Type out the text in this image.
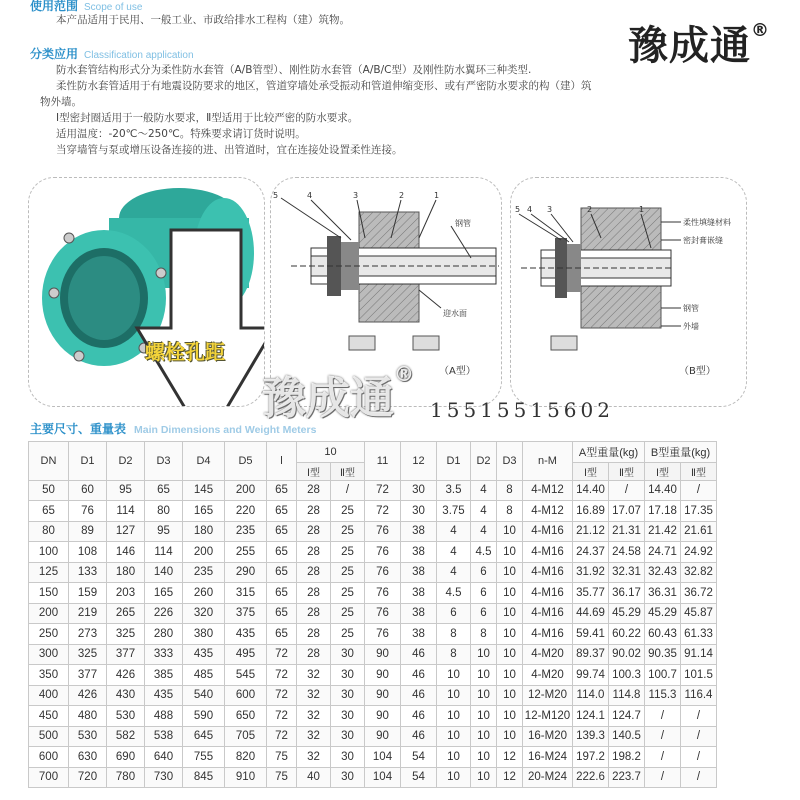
使用范围 Scope of use
本产品适用于民用、一般工业、市政给排水工程构（建）筑物。
豫成通®
分类应用 Classification application
防水套管结构形式分为柔性防水套管（A/B管型）、刚性防水套管（A/B/C型）及刚性防水翼环三种类型.
柔性防水套管适用于有地震设防要求的地区，管道穿墙处承受振动和管道伸缩变形、或有严密防水要求的构（建）筑
物外墙。
Ⅰ型密封圈适用于一般防水要求，Ⅱ型适用于比较严密的防水要求。
适用温度：-20℃～250℃。特殊要求请订货时说明。
当穿墙管与泵或增压设备连接的进、出管道时，宜在连接处设置柔性连接。
螺栓孔距
5	4	3	2	1
钢管
迎水面
（A型）
5 4 3	2	1
柔性填缝材料
密封膏嵌缝
钢管
外墙
（B型）
豫成通®
15515515602
主要尺寸、重量表 Main Dimensions and Weight Meters
DN	D1	D2	D3	D4	D5	l	10		11	12	D1	D2	D3	n-M	A型重量(kg)		B型重量(kg)	
							Ⅰ型	Ⅱ型							Ⅰ型	Ⅱ型	Ⅰ型	Ⅱ型
50	60	95	65	145	200	65	28	/	72	30	3.5	4	8	4-M12	14.40	/	14.40	/
65	76	114	80	165	220	65	28	25	72	30	3.75	4	8	4-M12	16.89	17.07	17.18	17.35
80	89	127	95	180	235	65	28	25	76	38	4	4	10	4-M16	21.12	21.31	21.42	21.61
100	108	146	114	200	255	65	28	25	76	38	4	4.5	10	4-M16	24.37	24.58	24.71	24.92
125	133	180	140	235	290	65	28	25	76	38	4	6	10	4-M16	31.92	32.31	32.43	32.82
150	159	203	165	260	315	65	28	25	76	38	4.5	6	10	4-M16	35.77	36.17	36.31	36.72
200	219	265	226	320	375	65	28	25	76	38	6	6	10	4-M16	44.69	45.29	45.29	45.87
250	273	325	280	380	435	65	28	25	76	38	8	8	10	4-M16	59.41	60.22	60.43	61.33
300	325	377	333	435	495	72	28	30	90	46	8	10	10	4-M20	89.37	90.02	90.35	91.14
350	377	426	385	485	545	72	32	30	90	46	10	10	10	4-M20	99.74	100.3	100.7	101.5
400	426	430	435	540	600	72	32	30	90	46	10	10	10	12-M20	114.0	114.8	115.3	116.4
450	480	530	488	590	650	72	32	30	90	46	10	10	10	12-M120	124.1	124.7	/	/
500	530	582	538	645	705	72	32	30	90	46	10	10	10	16-M20	139.3	140.5	/	/
600	630	690	640	755	820	75	32	30	104	54	10	10	12	16-M24	197.2	198.2	/	/
700	720	780	730	845	910	75	40	30	104	54	10	10	12	20-M24	222.6	223.7	/	/
